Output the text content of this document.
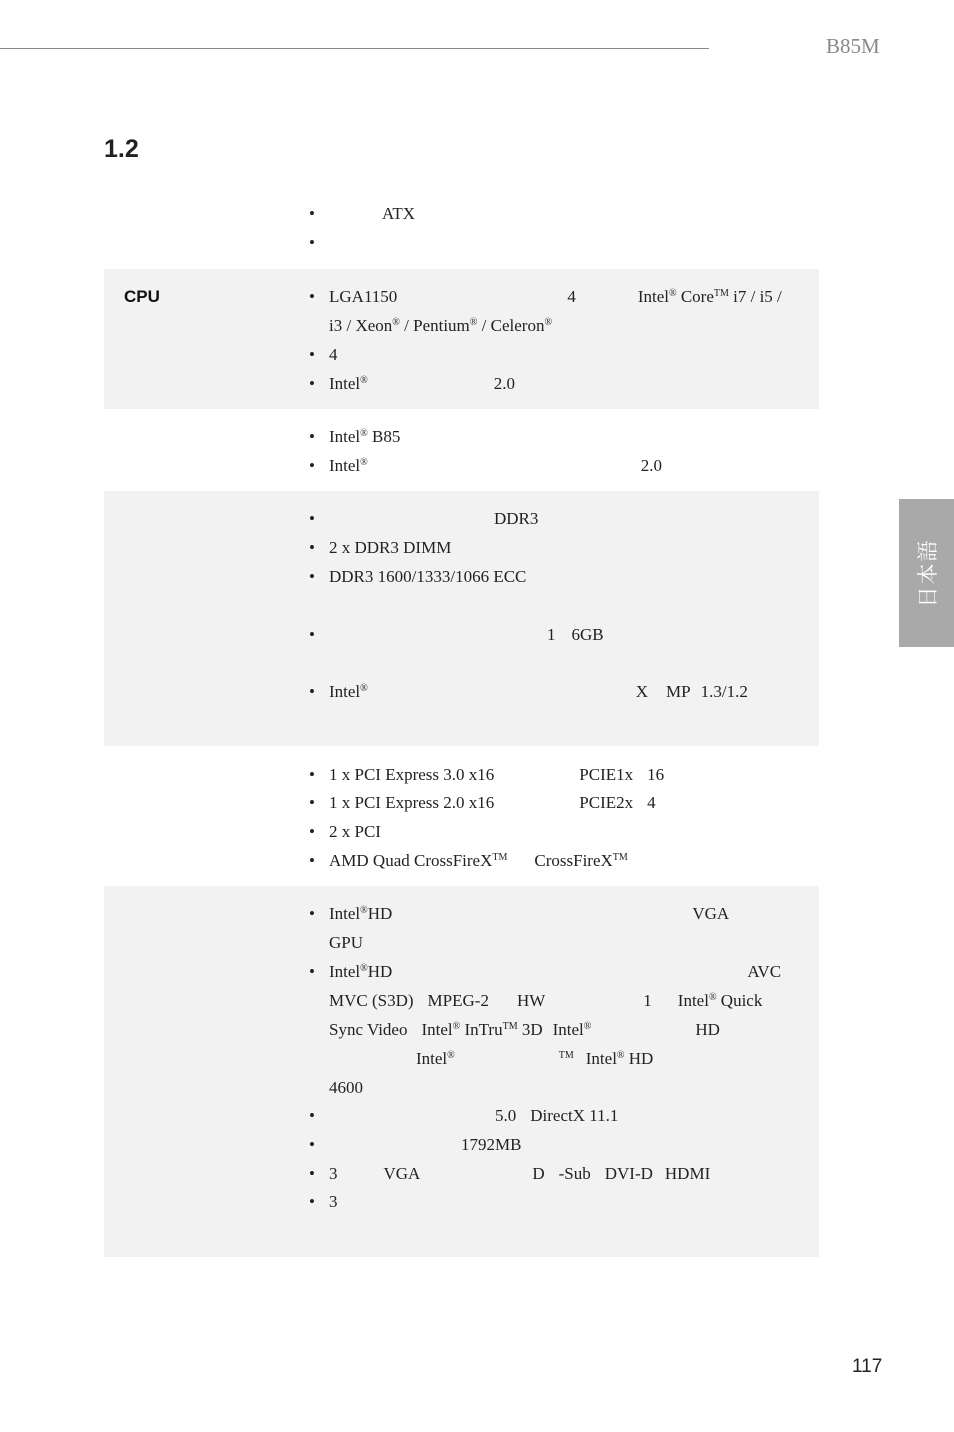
B85M
1.2
日本語
•	ATX
•
CPU	• LGA1150	4	Intel® Core™ i7 / i5 /
i3 / Xeon® / Pentium® / Celeron®
• 4
• Intel®	2.0
• Intel® B85
• Intel®	2.0
•	DDR3
• 2 x DDR3 DIMM
• DDR3 1600/1333/1066 ECC
•	1 6GB
• Intel®	X MP 1.3/1.2
• 1 x PCI Express 3.0 x16	PCIE1x 16
• 1 x PCI Express 2.0 x16	PCIE2x 4
• 2 x PCI
• AMD Quad CrossFireX™ CrossFireX™
• Intel®HD	VGA
GPU
• Intel®HD	AVC
MVC (S3D) MPEG-2 HW	1 Intel® Quick
Sync Video Intel® InTru™ 3D Intel®	HD
Intel®	™ Intel® HD
4600
•	5.0 DirectX 11.1
•	1792MB
• 3	VGA	D -Sub DVI-D HDMI
• 3
117
